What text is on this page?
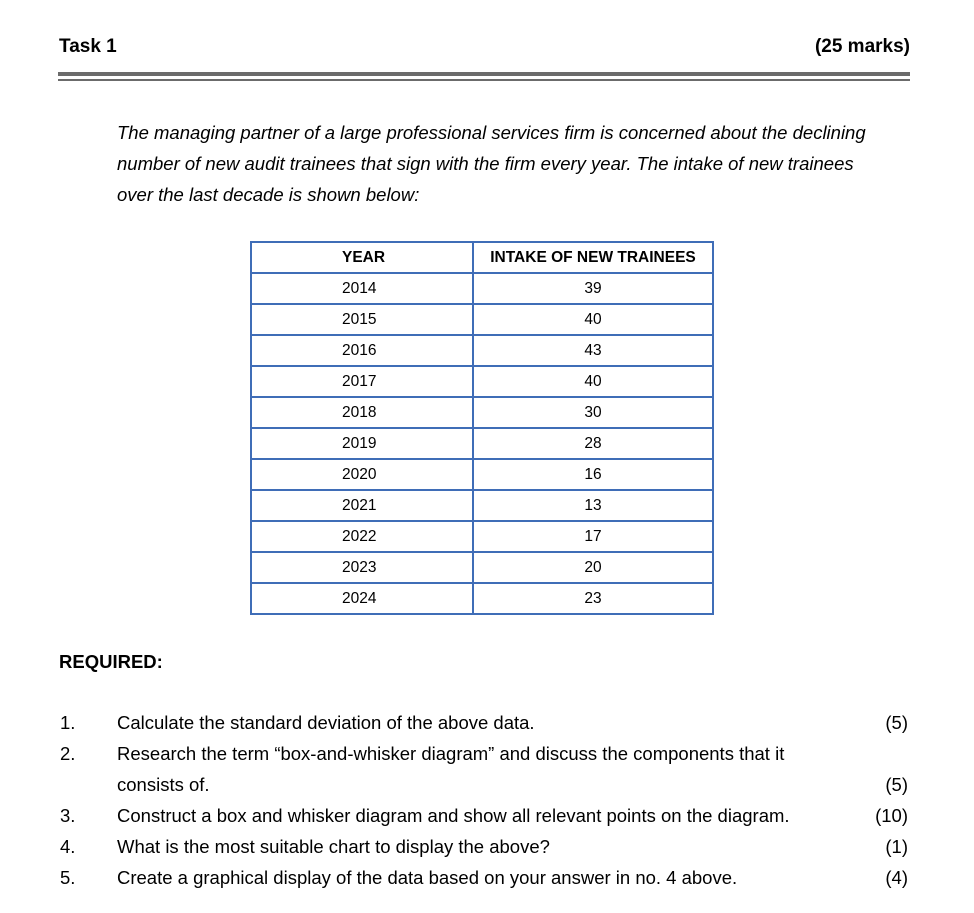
Task 1	(25 marks)

The managing partner of a large professional services firm is concerned about the declining number of new audit trainees that sign with the firm every year. The intake of new trainees over the last decade is shown below:

YEAR	INTAKE OF NEW TRAINEES
2014	39
2015	40
2016	43
2017	40
2018	30
2019	28
2020	16
2021	13
2022	17
2023	20
2024	23
REQUIRED:
1. Calculate the standard deviation of the above data.	(5)
2. Research the term “box-and-whisker diagram” and discuss the components that it
consists of.	(5)
3. Construct a box and whisker diagram and show all relevant points on the diagram.	(10)
4. What is the most suitable chart to display the above?	(1)
5. Create a graphical display of the data based on your answer in no. 4 above.	(4)
